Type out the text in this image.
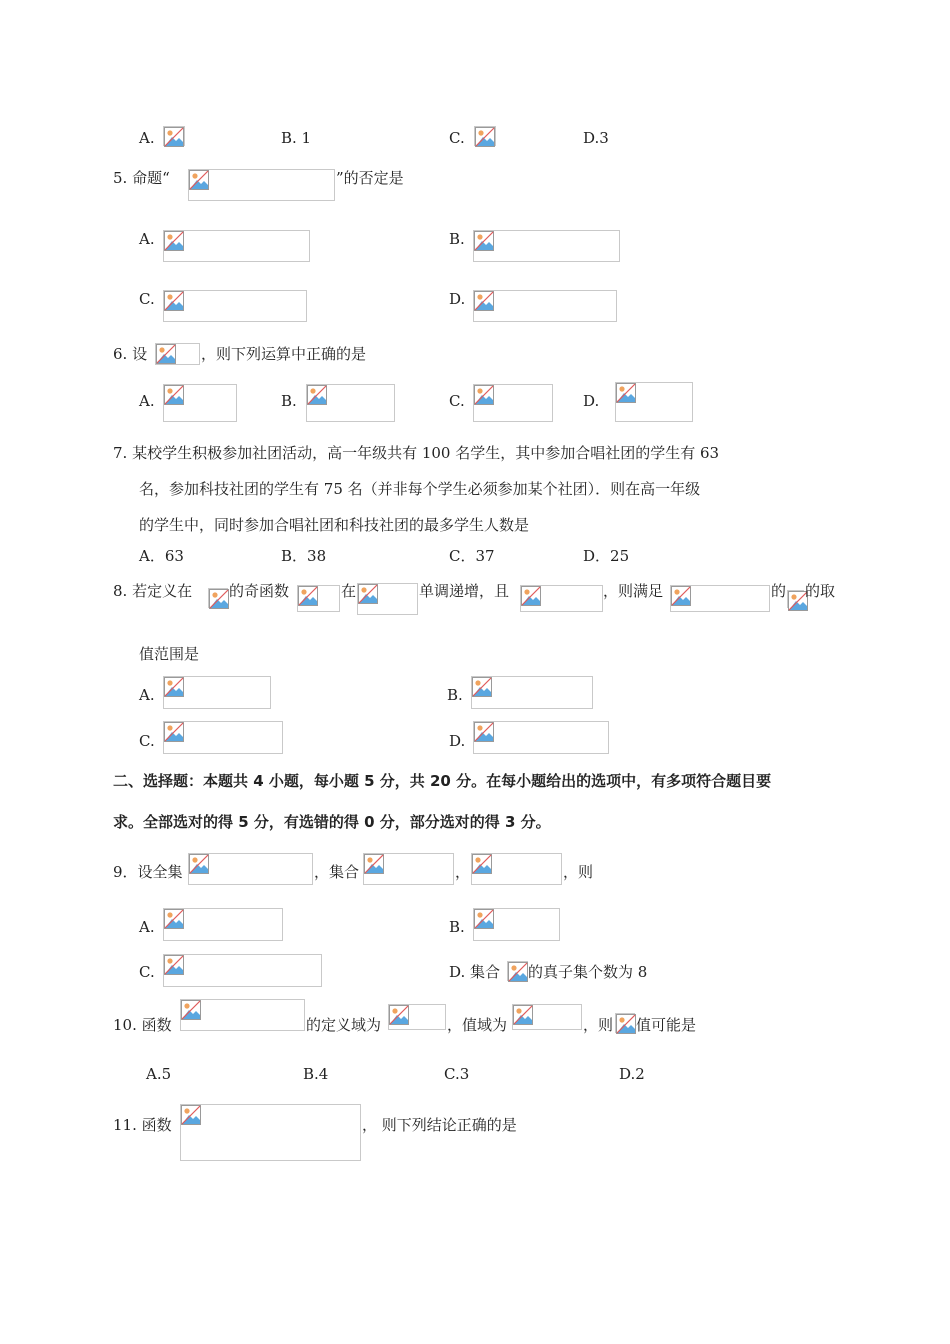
A.	B. 1	C.	D.3
5. 命题“	”的否定是
A.	B.
C.	D.
6. 设	，则下列运算中正确的是
A.	B.	C.	D.
7. 某校学生积极参加社团活动，高一年级共有 100 名学生，其中参加合唱社团的学生有 63
名，参加科技社团的学生有 75 名（并非每个学生必须参加某个社团）．则在高一年级
的学生中，同时参加合唱社团和科技社团的最多学生人数是
A．63	B．38	C．37	D．25
8. 若定义在 的奇函数	在	单调递增，且	，则满足	的 的取
值范围是
A.	B.
C.	D.
二、选择题：本题共 4 小题，每小题 5 分，共 20 分。在每小题给出的选项中，有多项符合题目要
求。全部选对的得 5 分，有选错的得 0 分，部分选对的得 3 分。
9．设全集	，集合	，	，则
A.	B.
C.	D. 集合 的真子集个数为 8
10. 函数	的定义域为	，值域为	，则 值可能是
A.5	B.4	C.3	D.2
11. 函数	， 则下列结论正确的是
